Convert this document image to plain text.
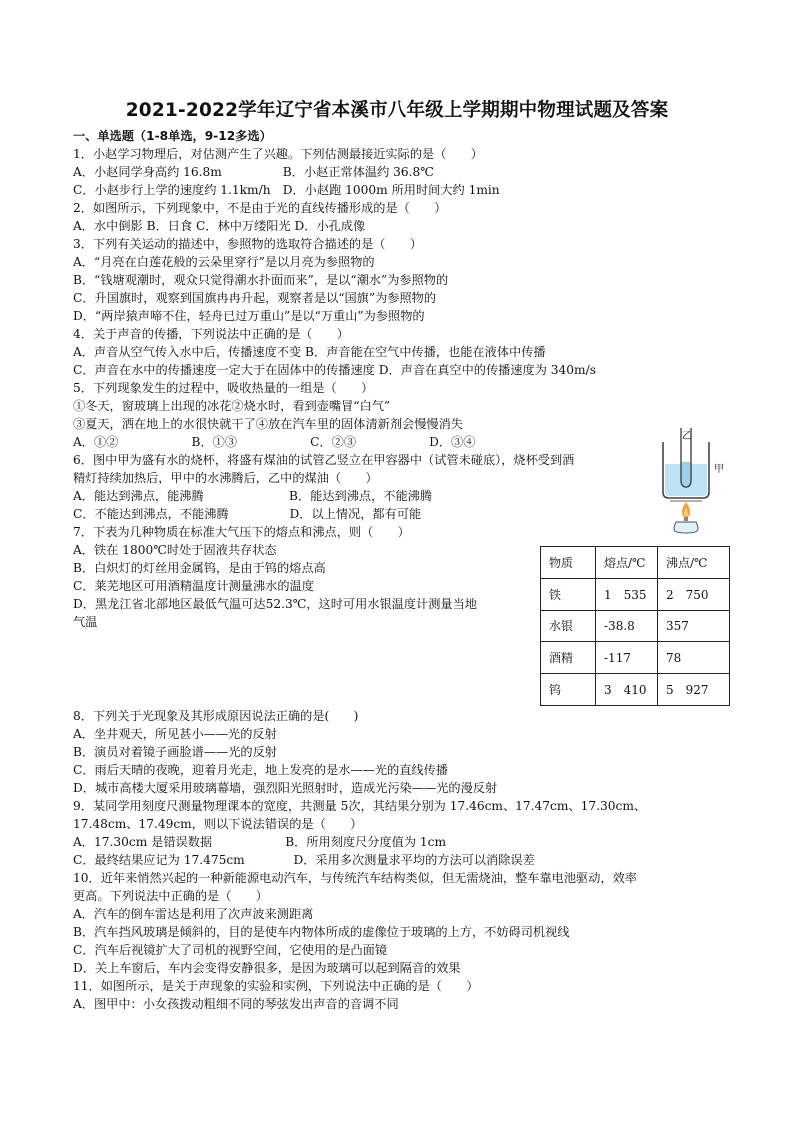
2021-2022学年辽宁省本溪市八年级上学期期中物理试题及答案
一、单选题（1-8单选，9-12多选）
1．小赵学习物理后，对估测产生了兴趣。下列估测最接近实际的是（　　）
A．小赵同学身高约 16.8m　　　　　B．小赵正常体温约 36.8℃
C．小赵步行上学的速度约 1.1km/h　D．小赵跑 1000m 所用时间大约 1min
2．如图所示，下列现象中，不是由于光的直线传播形成的是（　　）
A．水中倒影 B．日食 C．林中万缕阳光 D．小孔成像
3．下列有关运动的描述中，参照物的选取符合描述的是（　　）
A．“月亮在白莲花般的云朵里穿行”是以月亮为参照物的
B．“钱塘观潮时，观众只觉得潮水扑面而来”，是以“潮水”为参照物的
C．升国旗时，观察到国旗冉冉升起，观察者是以“国旗”为参照物的
D．“两岸猿声啼不住，轻舟已过万重山”是以“万重山”为参照物的
4．关于声音的传播，下列说法中正确的是（　　）
A．声音从空气传入水中后，传播速度不变 B．声音能在空气中传播，也能在液体中传播
C．声音在水中的传播速度一定大于在固体中的传播速度 D．声音在真空中的传播速度为 340m/s
5．下列现象发生的过程中，吸收热量的一组是（　　）
①冬天，窗玻璃上出现的冰花②烧水时，看到壶嘴冒“白气”
③夏天，洒在地上的水很快就干了④放在汽车里的固体清新剂会慢慢消失
A．①②　　　　　　B．①③　　　　　　C．②③　　　　　　D．③④
6．图中甲为盛有水的烧杯，将盛有煤油的试管乙竖立在甲容器中（试管未碰底），烧杯受到酒
精灯持续加热后，甲中的水沸腾后，乙中的煤油（　　）
A．能达到沸点，能沸腾　　　　　　　B．能达到沸点，不能沸腾
C．不能达到沸点，不能沸腾　　　　　D．以上情况，都有可能
7．下表为几种物质在标准大气压下的熔点和沸点，则（　　）
A．铁在 1800℃时处于固液共存状态
B．白炽灯的灯丝用金属钨，是由于钨的熔点高
C．莱芜地区可用酒精温度计测量沸水的温度
D．黑龙江省北部地区最低气温可达52.3℃，这时可用水银温度计测量当地
气温
8．下列关于光现象及其形成原因说法正确的是(　　)
A．坐井观天，所见甚小——光的反射
B．演员对着镜子画脸谱——光的反射
C．雨后天晴的夜晚，迎着月光走，地上发亮的是水——光的直线传播
D．城市高楼大厦采用玻璃幕墙，强烈阳光照射时，造成光污染——光的漫反射
9．某同学用刻度尺测量物理课本的宽度，共测量 5次，其结果分别为 17.46cm、17.47cm、17.30cm、
17.48cm、17.49cm，则以下说法错误的是（　　）
A．17.30cm 是错误数据　　　　　　B．所用刻度尺分度值为 1cm
C．最终结果应记为 17.475cm　　　　D．采用多次测量求平均的方法可以消除误差
10．近年来悄然兴起的一种新能源电动汽车，与传统汽车结构类似，但无需烧油，整车靠电池驱动，效率
更高。下列说法中正确的是（　　）
A．汽车的倒车雷达是利用了次声波来测距离
B．汽车挡风玻璃是倾斜的，目的是使车内物体所成的虚像位于玻璃的上方，不妨碍司机视线
C．汽车后视镜扩大了司机的视野空间，它使用的是凸面镜
D．关上车窗后，车内会变得安静很多，是因为玻璃可以起到隔音的效果
11．如图所示，是关于声现象的实验和实例，下列说法中正确的是（　　）
A．图甲中：小女孩拨动粗细不同的琴弦发出声音的音调不同
物质	熔点/℃	沸点/℃
铁	1　535	2　750
水银	-38.8	357
酒精	-117	78
钨	3　410	5　927
乙
甲
